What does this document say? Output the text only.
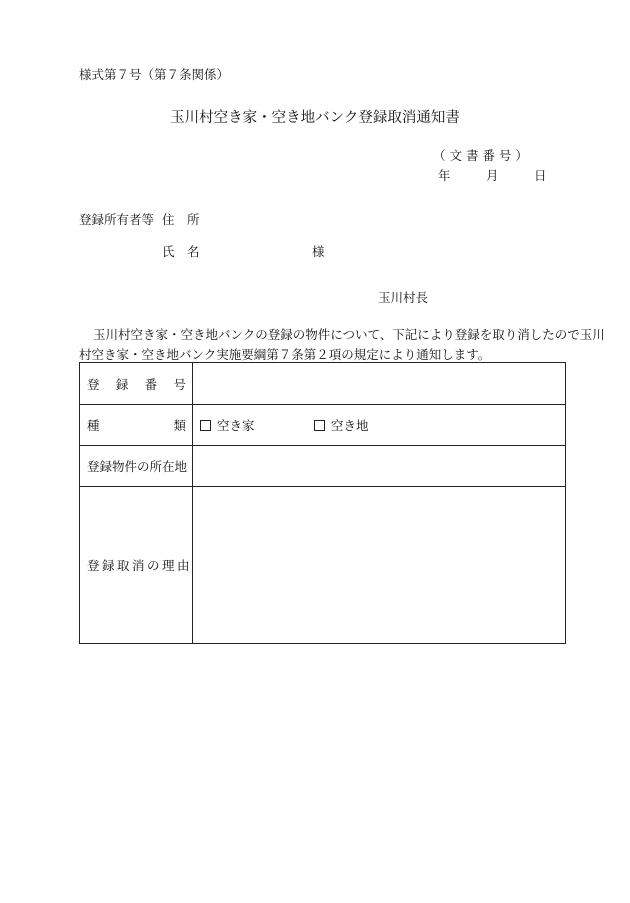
様式第７号（第７条関係）
玉川村空き家・空き地バンク登録取消通知書
（ 文 書 番 号 ）
年	月	日
登録所有者等 住　所
氏　名	様
玉川村長
玉川村空き家・空き地バンクの登録の物件について、下記により登録を取り消したので玉川
村空き家・空き地バンク実施要綱第７条第２項の規定により通知します。
登 録 番 号	

種 類	空き家 空き地
登録物件の所在地	
登録取消の理由	
